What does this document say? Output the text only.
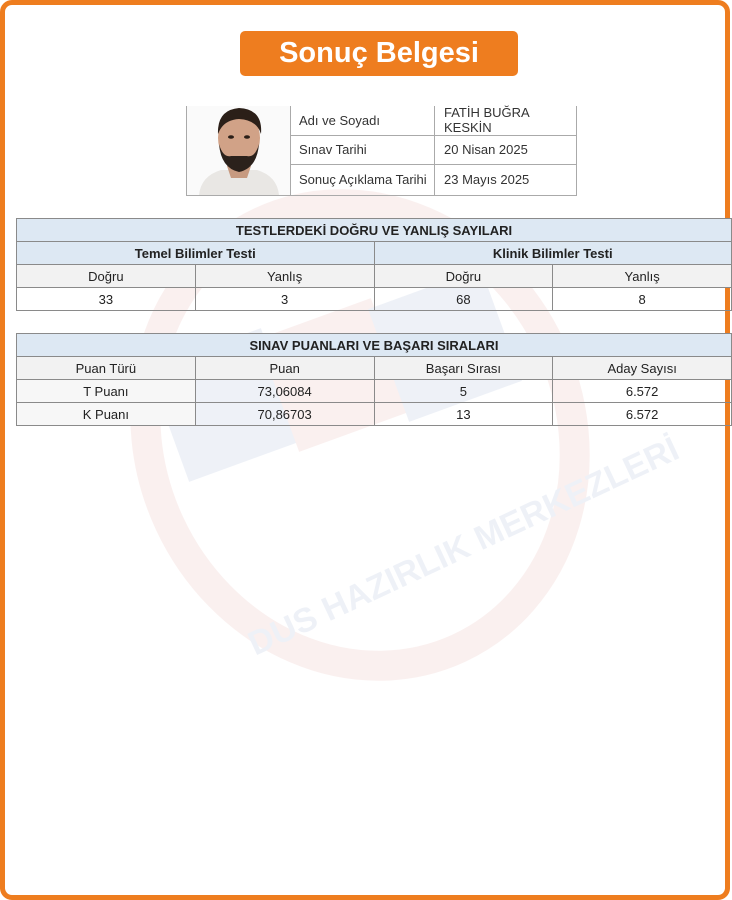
DUS HAZIRLIK MERKEZLERİ
Sonuç Belgesi
Adı ve Soyadı	FATİH BUĞRA KESKİN
Sınav Tarihi	20 Nisan 2025
Sonuç Açıklama Tarihi	23 Mayıs 2025
TESTLERDEKİ DOĞRU VE YANLIŞ SAYILARI			
Temel Bilimler Testi		Klinik Bilimler Testi	
Doğru	Yanlış	Doğru	Yanlış
33	3	68	8
SINAV PUANLARI VE BAŞARI SIRALARI			
Puan Türü	Puan	Başarı Sırası	Aday Sayısı
T Puanı	73,06084	5	6.572
K Puanı	70,86703	13	6.572
